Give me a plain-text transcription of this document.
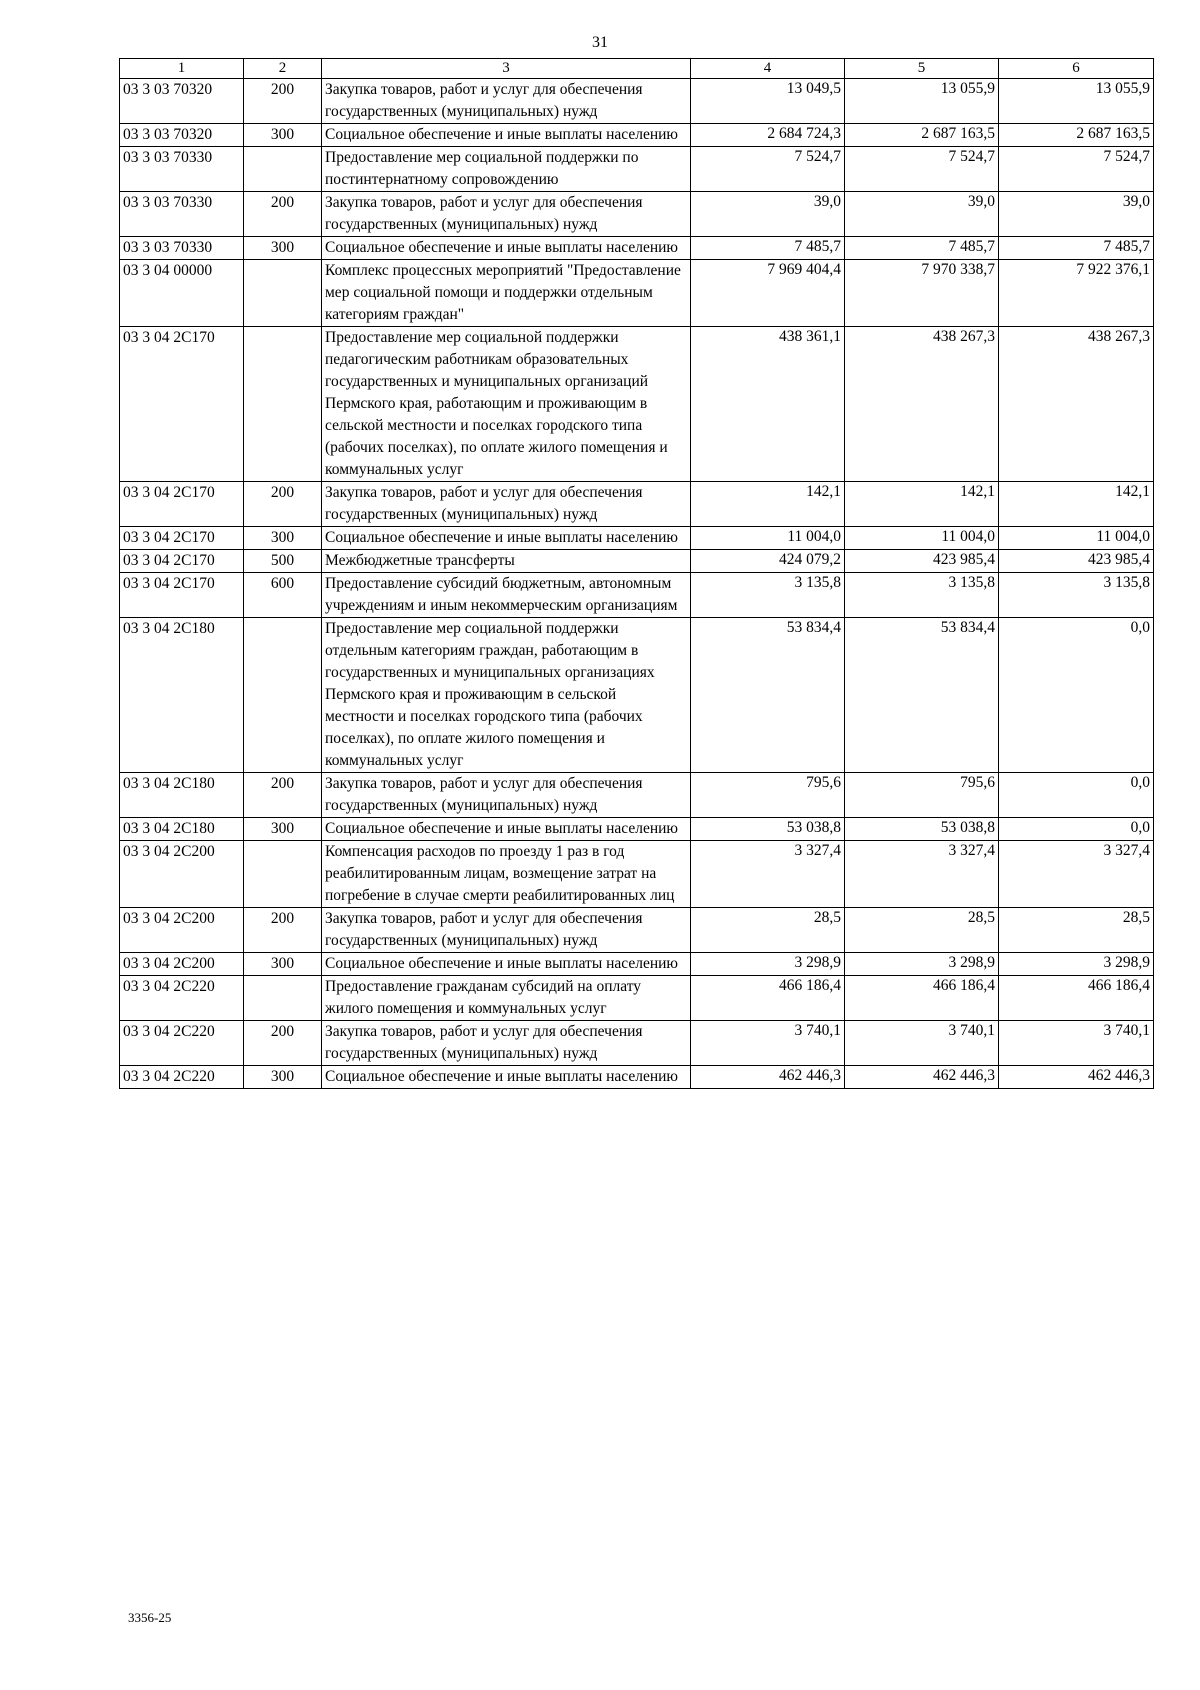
31
1	2	3	4	5	6
03 3 03 70320	200	Закупка товаров, работ и услуг для обеспечения государственных (муниципальных) нужд	13 049,5	13 055,9	13 055,9
03 3 03 70320	300	Социальное обеспечение и иные выплаты населению	2 684 724,3	2 687 163,5	2 687 163,5
03 3 03 70330		Предоставление мер социальной поддержки по постинтернатному сопровождению	7 524,7	7 524,7	7 524,7
03 3 03 70330	200	Закупка товаров, работ и услуг для обеспечения государственных (муниципальных) нужд	39,0	39,0	39,0
03 3 03 70330	300	Социальное обеспечение и иные выплаты населению	7 485,7	7 485,7	7 485,7
03 3 04 00000		Комплекс процессных мероприятий "Предоставление мер социальной помощи и поддержки отдельным категориям граждан"	7 969 404,4	7 970 338,7	7 922 376,1
03 3 04 2С170		Предоставление мер социальной поддержки педагогическим работникам образовательных государственных и муниципальных организаций Пермского края, работающим и проживающим в сельской местности и поселках городского типа (рабочих поселках), по оплате жилого помещения и коммунальных услуг	438 361,1	438 267,3	438 267,3
03 3 04 2С170	200	Закупка товаров, работ и услуг для обеспечения государственных (муниципальных) нужд	142,1	142,1	142,1
03 3 04 2С170	300	Социальное обеспечение и иные выплаты населению	11 004,0	11 004,0	11 004,0
03 3 04 2С170	500	Межбюджетные трансферты	424 079,2	423 985,4	423 985,4
03 3 04 2С170	600	Предоставление субсидий бюджетным, автономным учреждениям и иным некоммерческим организациям	3 135,8	3 135,8	3 135,8
03 3 04 2С180		Предоставление мер социальной поддержки отдельным категориям граждан, работающим в государственных и муниципальных организациях Пермского края и проживающим в сельской местности и поселках городского типа (рабочих поселках), по оплате жилого помещения и коммунальных услуг	53 834,4	53 834,4	0,0
03 3 04 2С180	200	Закупка товаров, работ и услуг для обеспечения государственных (муниципальных) нужд	795,6	795,6	0,0
03 3 04 2С180	300	Социальное обеспечение и иные выплаты населению	53 038,8	53 038,8	0,0
03 3 04 2С200		Компенсация расходов по проезду 1 раз в год реабилитированным лицам, возмещение затрат на погребение в случае смерти реабилитированных лиц	3 327,4	3 327,4	3 327,4
03 3 04 2С200	200	Закупка товаров, работ и услуг для обеспечения государственных (муниципальных) нужд	28,5	28,5	28,5
03 3 04 2С200	300	Социальное обеспечение и иные выплаты населению	3 298,9	3 298,9	3 298,9
03 3 04 2С220		Предоставление гражданам субсидий на оплату жилого помещения и коммунальных услуг	466 186,4	466 186,4	466 186,4
03 3 04 2С220	200	Закупка товаров, работ и услуг для обеспечения государственных (муниципальных) нужд	3 740,1	3 740,1	3 740,1
03 3 04 2С220	300	Социальное обеспечение и иные выплаты населению	462 446,3	462 446,3	462 446,3
3356-25
